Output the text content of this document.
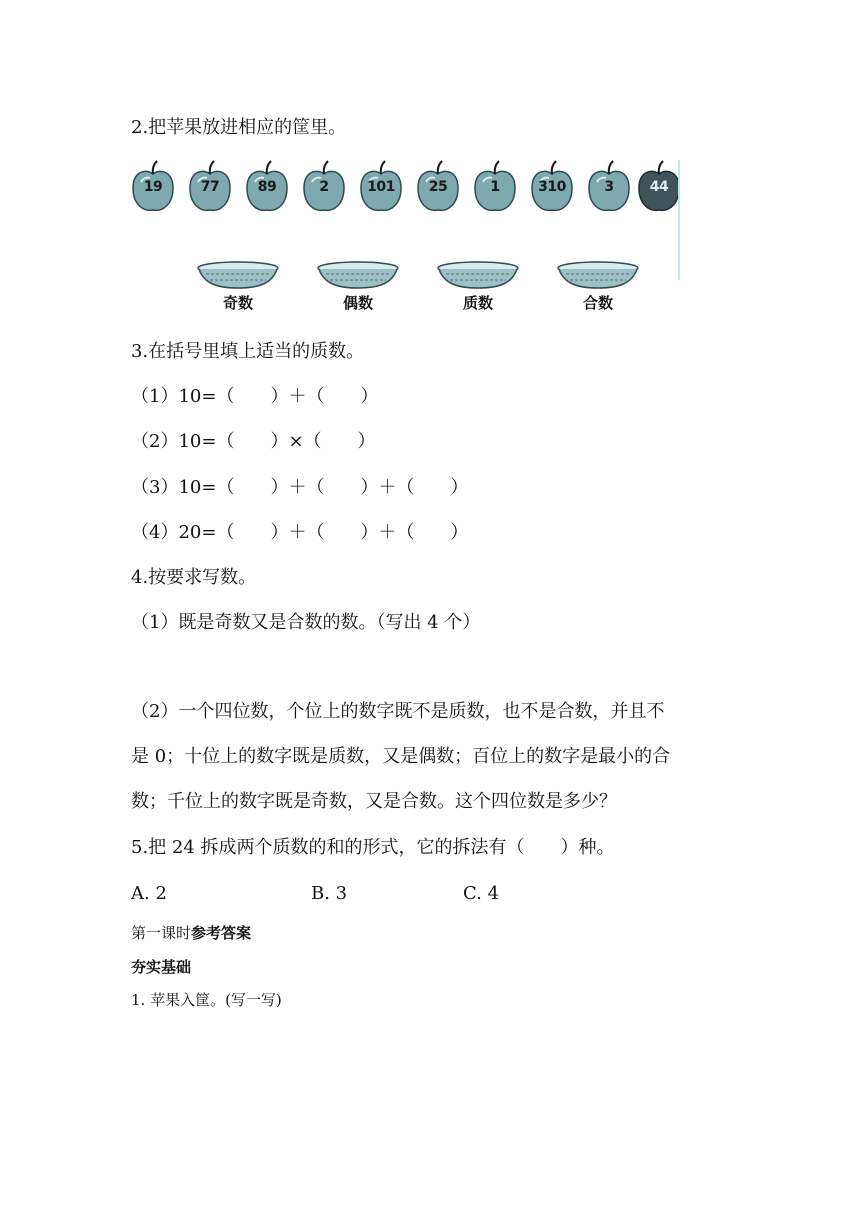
2.把苹果放进相应的筐里。
19	77	89	2	101	25	1	310	3	44
奇数	偶数	质数	合数
3.在括号里填上适当的质数。
（1）10=（　　）＋（　　）
（2）10=（　　）×（　　）
（3）10=（　　）＋（　　）＋（　　）
（4）20=（　　）＋（　　）＋（　　）
4.按要求写数。
（1）既是奇数又是合数的数。（写出 4 个）
（2）一个四位数，个位上的数字既不是质数，也不是合数，并且不
是 0；十位上的数字既是质数，又是偶数；百位上的数字是最小的合
数；千位上的数字既是奇数，又是合数。这个四位数是多少？
5.把 24 拆成两个质数的和的形式，它的拆法有（　　）种。
A. 2	B. 3	C. 4
第一课时参考答案
夯实基础
1. 苹果入筐。(写一写)
